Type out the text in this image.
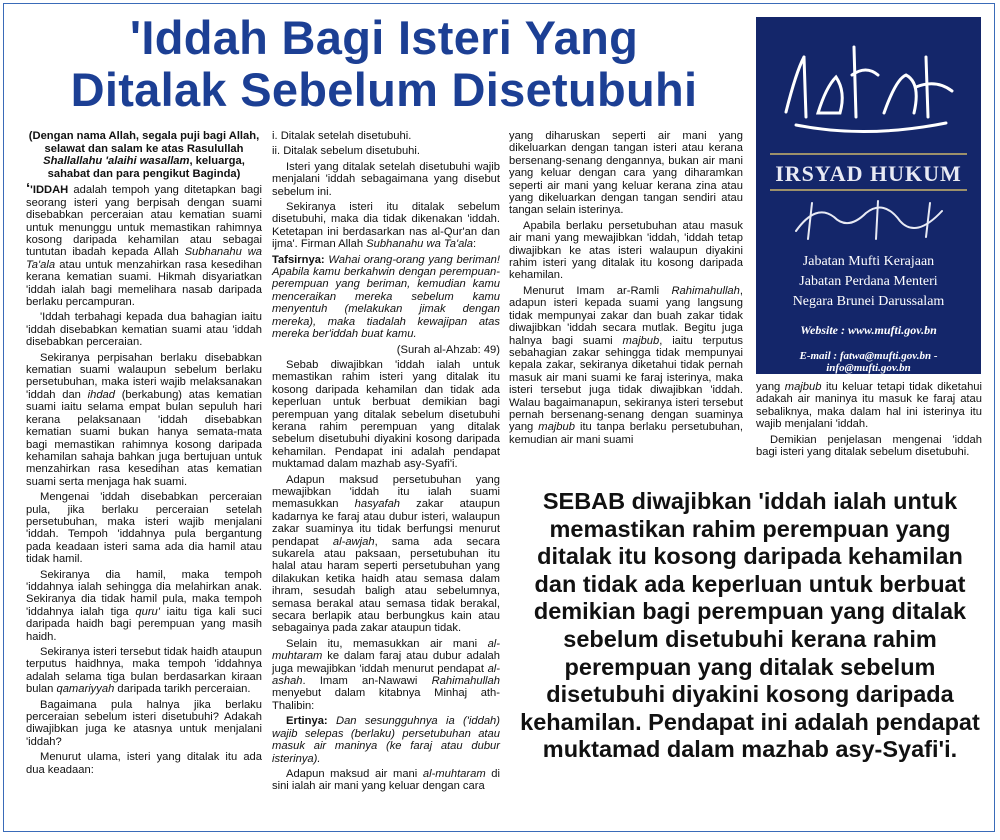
'Iddah Bagi Isteri Yang
Ditalak Sebelum Disetubuhi

(Dengan nama Allah, segala puji bagi Allah, selawat dan salam ke atas Rasulullah Shallallahu 'alaihi wasallam, keluarga, sahabat dan para pengikut Baginda)

‘'IDDAH adalah tempoh yang ditetapkan bagi seorang isteri yang berpisah dengan suami disebabkan perceraian atau kematian suami untuk menunggu untuk memastikan rahimnya kosong daripada kehamilan atau sebagai tuntutan ibadah kepada Allah Subhanahu wa Ta'ala atau untuk menzahirkan rasa kesedihan kerana kematian suami. Hikmah disyariatkan 'iddah ialah bagi memelihara nasab daripada berlaku percampuran.

'Iddah terbahagi kepada dua bahagian iaitu 'iddah disebabkan kematian suami atau 'iddah disebabkan perceraian.

Sekiranya perpisahan berlaku disebabkan kematian suami walaupun sebelum berlaku persetubuhan, maka isteri wajib melaksanakan 'iddah dan ihdad (berkabung) atas kematian suami iaitu selama empat bulan sepuluh hari kerana pelaksanaan 'iddah disebabkan kematian suami bukan hanya semata-mata bagi memastikan rahimnya kosong daripada kehamilan sahaja bahkan juga bertujuan untuk menzahirkan rasa kesedihan atas kematian suami serta menjaga hak suami.

Mengenai 'iddah disebabkan perceraian pula, jika berlaku perceraian setelah persetubuhan, maka isteri wajib menjalani 'iddah. Tempoh 'iddahnya pula bergantung pada keadaan isteri sama ada dia hamil atau tidak hamil.

Sekiranya dia hamil, maka tempoh 'iddahnya ialah sehingga dia melahirkan anak. Sekiranya dia tidak hamil pula, maka tempoh 'iddahnya ialah tiga quru' iaitu tiga kali suci daripada haidh bagi perempuan yang masih haidh.

Sekiranya isteri tersebut tidak haidh ataupun terputus haidhnya, maka tempoh 'iddahnya adalah selama tiga bulan berdasarkan kiraan bulan qamariyyah daripada tarikh perceraian.

Bagaimana pula halnya jika berlaku perceraian sebelum isteri disetubuhi? Adakah diwajibkan juga ke atasnya untuk menjalani 'iddah?

Menurut ulama, isteri yang ditalak itu ada dua keadaan:

i. Ditalak setelah disetubuhi.

ii. Ditalak sebelum disetubuhi.

Isteri yang ditalak setelah disetubuhi wajib menjalani 'iddah sebagaimana yang disebut sebelum ini.

Sekiranya isteri itu ditalak sebelum disetubuhi, maka dia tidak dikenakan 'iddah. Ketetapan ini berdasarkan nas al-Qur'an dan ijma'. Firman Allah Subhanahu wa Ta'ala:

Tafsirnya: Wahai orang-orang yang beriman! Apabila kamu berkahwin dengan perempuan-perempuan yang beriman, kemudian kamu menceraikan mereka sebelum kamu menyentuh (melakukan jimak dengan mereka), maka tiadalah kewajipan atas mereka ber'iddah buat kamu.

(Surah al-Ahzab: 49)

Sebab diwajibkan 'iddah ialah untuk memastikan rahim isteri yang ditalak itu kosong daripada kehamilan dan tidak ada keperluan untuk berbuat demikian bagi perempuan yang ditalak sebelum disetubuhi kerana rahim perempuan yang ditalak sebelum disetubuhi diyakini kosong daripada kehamilan. Pendapat ini adalah pendapat muktamad dalam mazhab asy-Syafi'i.

Adapun maksud persetubuhan yang mewajibkan 'iddah itu ialah suami memasukkan hasyafah zakar ataupun kadarnya ke faraj atau dubur isteri, walaupun zakar suaminya itu tidak berfungsi menurut pendapat al-awjah, sama ada secara sukarela atau paksaan, persetubuhan itu halal atau haram seperti persetubuhan yang dilakukan ketika haidh atau semasa dalam ihram, sesudah baligh atau sebelumnya, semasa berakal atau semasa tidak berakal, secara berlapik atau berbungkus kain atau sebagainya pada zakar ataupun tidak.

Selain itu, memasukkan air mani al-muhtaram ke dalam faraj atau dubur adalah juga mewajibkan 'iddah menurut pendapat al-ashah. Imam an-Nawawi Rahimahullah menyebut dalam kitabnya Minhaj ath-Thalibin:

Ertinya: Dan sesungguhnya ia ('iddah) wajib selepas (berlaku) persetubuhan atau masuk air maninya (ke faraj atau dubur isterinya).

Adapun maksud air mani al-muhtaram di sini ialah air mani yang keluar dengan cara

yang diharuskan seperti air mani yang dikeluarkan dengan tangan isteri atau kerana bersenang-senang dengannya, bukan air mani yang keluar dengan cara yang diharamkan seperti air mani yang keluar kerana zina atau yang dikeluarkan dengan tangan sendiri atau tangan selain isterinya.

Apabila berlaku persetubuhan atau masuk air mani yang mewajibkan 'iddah, 'iddah tetap diwajibkan ke atas isteri walaupun diyakini rahim isteri yang ditalak itu kosong daripada kehamilan.

Menurut Imam ar-Ramli Rahimahullah, adapun isteri kepada suami yang langsung tidak mempunyai zakar dan buah zakar tidak diwajibkan 'iddah secara mutlak. Begitu juga halnya bagi suami majbub, iaitu terputus sebahagian zakar sehingga tidak mempunyai kepala zakar, sekiranya diketahui tidak pernah masuk air mani suami ke faraj isterinya, maka isteri tersebut juga tidak diwajibkan 'iddah. Walau bagaimanapun, sekiranya isteri tersebut pernah bersenang-senang dengan suaminya yang majbub itu tanpa berlaku persetubuhan, kemudian air mani suami

IRSYAD HUKUM
Jabatan Mufti Kerajaan
Jabatan Perdana Menteri
Negara Brunei Darussalam
Website : www.mufti.gov.bn
E-mail : fatwa@mufti.gov.bn - info@mufti.gov.bn

yang majbub itu keluar tetapi tidak diketahui adakah air maninya itu masuk ke faraj atau sebaliknya, maka dalam hal ini isterinya itu wajib menjalani 'iddah.

Demikian penjelasan mengenai 'iddah bagi isteri yang ditalak sebelum disetubuhi.

SEBAB diwajibkan 'iddah ialah untuk memastikan rahim perempuan yang ditalak itu kosong daripada kehamilan dan tidak ada keperluan untuk berbuat demikian bagi perempuan yang ditalak sebelum disetubuhi kerana rahim perempuan yang ditalak sebelum disetubuhi diyakini kosong daripada kehamilan. Pendapat ini adalah pendapat muktamad dalam mazhab asy-Syafi'i.
